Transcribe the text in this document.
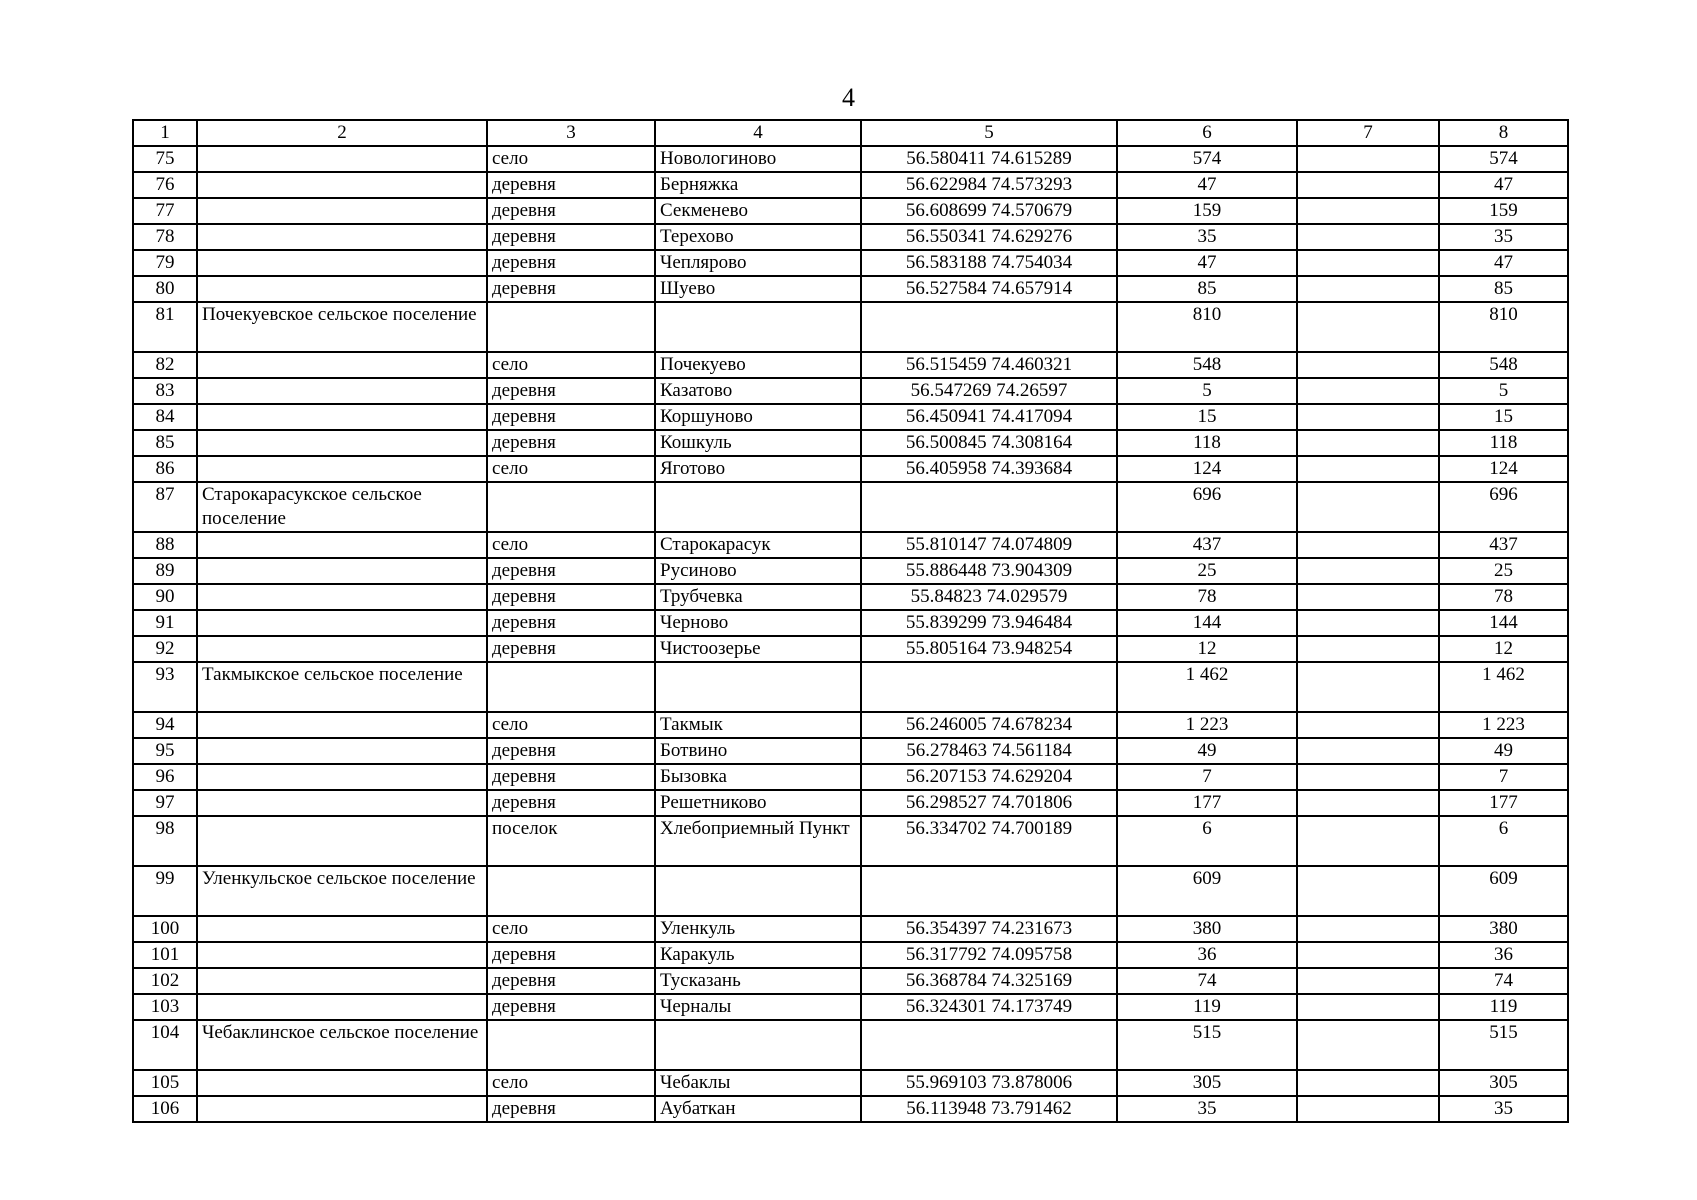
4
1	2	3	4	5	6	7	8
75		село	Новологиново	56.580411 74.615289	574		574
76		деревня	Берняжка	56.622984 74.573293	47		47
77		деревня	Секменево	56.608699 74.570679	159		159
78		деревня	Терехово	56.550341 74.629276	35		35
79		деревня	Чеплярово	56.583188 74.754034	47		47
80		деревня	Шуево	56.527584 74.657914	85		85
81	Почекуевское сельское поселение				810		810
82		село	Почекуево	56.515459 74.460321	548		548
83		деревня	Казатово	56.547269 74.26597	5		5
84		деревня	Коршуново	56.450941 74.417094	15		15
85		деревня	Кошкуль	56.500845 74.308164	118		118
86		село	Яготово	56.405958 74.393684	124		124
87	Старокарасукское сельское поселение				696		696
88		село	Старокарасук	55.810147 74.074809	437		437
89		деревня	Русиново	55.886448 73.904309	25		25
90		деревня	Трубчевка	55.84823 74.029579	78		78
91		деревня	Черново	55.839299 73.946484	144		144
92		деревня	Чистоозерье	55.805164 73.948254	12		12
93	Такмыкское сельское поселение				1 462		1 462
94		село	Такмык	56.246005 74.678234	1 223		1 223
95		деревня	Ботвино	56.278463 74.561184	49		49
96		деревня	Бызовка	56.207153 74.629204	7		7
97		деревня	Решетниково	56.298527 74.701806	177		177
98		поселок	Хлебоприемный Пункт	56.334702 74.700189	6		6
99	Уленкульское сельское поселение				609		609
100		село	Уленкуль	56.354397 74.231673	380		380
101		деревня	Каракуль	56.317792 74.095758	36		36
102		деревня	Тусказань	56.368784 74.325169	74		74
103		деревня	Черналы	56.324301 74.173749	119		119
104	Чебаклинское сельское поселение				515		515
105		село	Чебаклы	55.969103 73.878006	305		305
106		деревня	Аубаткан	56.113948 73.791462	35		35
